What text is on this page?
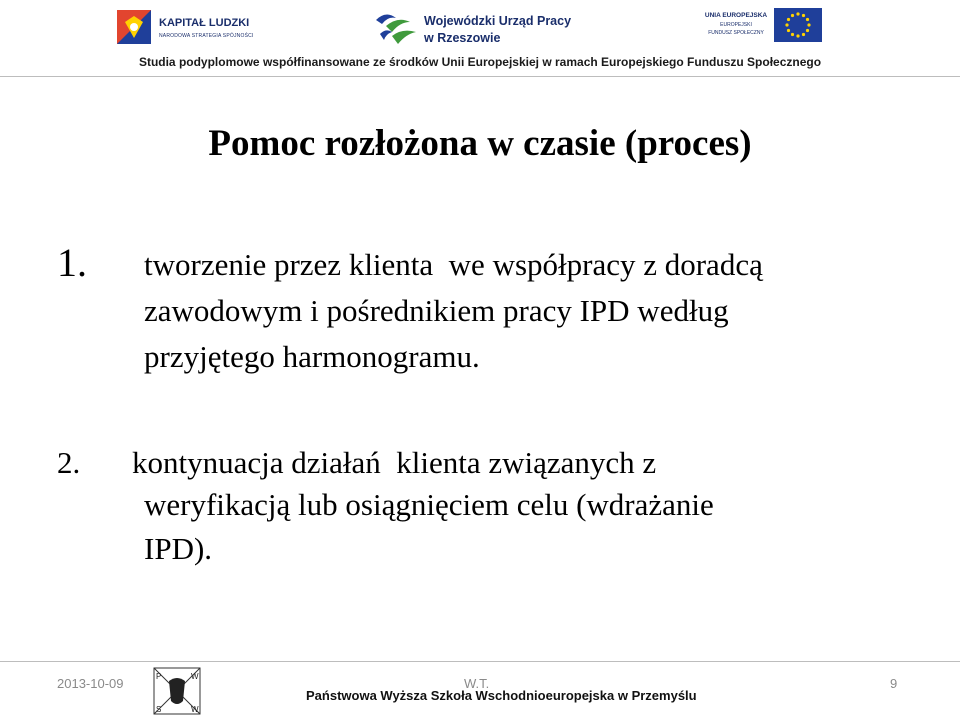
KAPITAŁ LUDZKI
NARODOWA STRATEGIA SPÓJNOŚCI
Wojewódzki Urząd Pracy
w Rzeszowie
UNIA EUROPEJSKA
EUROPEJSKI
FUNDUSZ SPOŁECZNY
Studia podyplomowe współfinansowane ze środków Unii Europejskiej w ramach Europejskiego Funduszu Społecznego
Pomoc rozłożona w czasie (proces)
1. tworzenie przez klienta  we współpracy z doradcą
zawodowym i pośrednikiem pracy IPD według
przyjętego harmonogramu.
2. kontynuacja działań  klienta związanych z
weryfikacją lub osiągnięciem celu (wdrażanie
IPD).
2013-10-09	P	W
S	W
W.T.
Państwowa Wyższa Szkoła Wschodnioeuropejska w Przemyślu
9
